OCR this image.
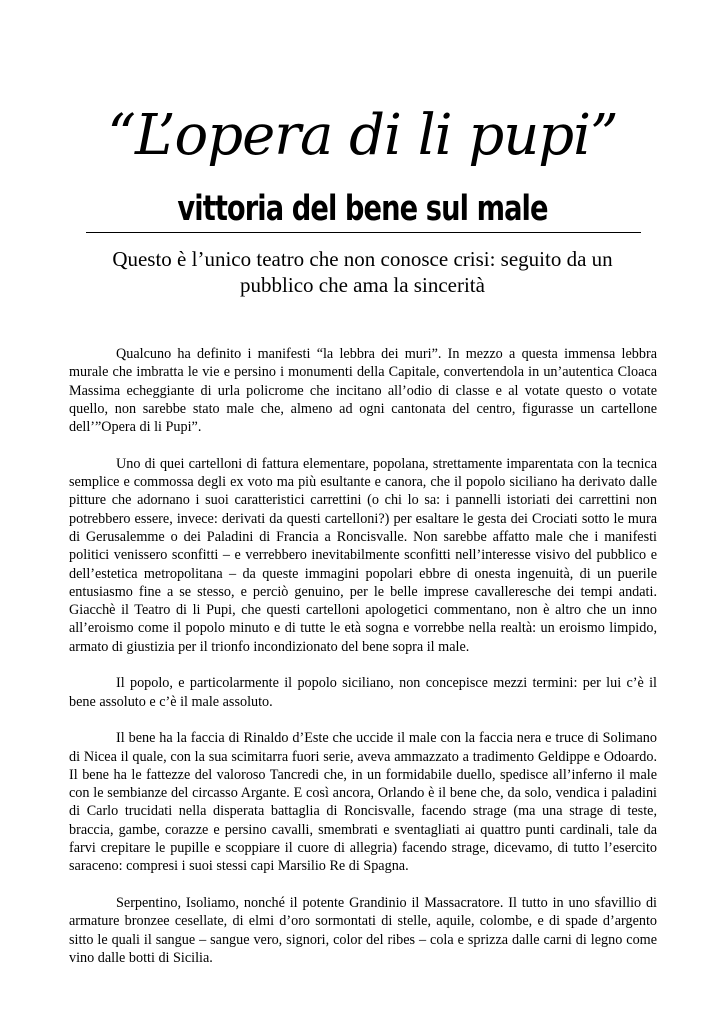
“L’opera di li pupi”
vittoria del bene sul male
Questo è l’unico teatro che non conosce crisi: seguito da un pubblico che ama la sincerità

Qualcuno ha definito i manifesti “la lebbra dei muri”. In mezzo a questa immensa lebbra murale che imbratta le vie e persino i monumenti della Capitale, convertendola in un’autentica Cloaca Massima echeggiante di urla policrome che incitano all’odio di classe e al votate questo o votate quello, non sarebbe stato male che, almeno ad ogni cantonata del centro, figurasse un cartellone dell’”Opera di li Pupi”.

Uno di quei cartelloni di fattura elementare, popolana, strettamente imparentata con la tecnica semplice e commossa degli ex voto ma più esultante e canora, che il popolo siciliano ha derivato dalle pitture che adornano i suoi caratteristici carrettini (o chi lo sa: i pannelli istoriati dei carrettini non potrebbero essere, invece: derivati da questi cartelloni?) per esaltare le gesta dei Crociati sotto le mura di Gerusalemme o dei Paladini di Francia a Roncisvalle. Non sarebbe affatto male che i manifesti politici venissero sconfitti – e verrebbero inevitabilmente sconfitti nell’interesse visivo del pubblico e dell’estetica metropolitana – da queste immagini popolari ebbre di onesta ingenuità, di un puerile entusiasmo fine a se stesso, e perciò genuino, per le belle imprese cavalleresche dei tempi andati. Giacchè il Teatro di li Pupi, che questi cartelloni apologetici commentano, non è altro che un inno all’eroismo come il popolo minuto e di tutte le età sogna e vorrebbe nella realtà: un eroismo limpido, armato di giustizia per il trionfo incondizionato del bene sopra il male.

Il popolo, e particolarmente il popolo siciliano, non concepisce mezzi termini: per lui c’è il bene assoluto e c’è il male assoluto.

Il bene ha la faccia di Rinaldo d’Este che uccide il male con la faccia nera e truce di Solimano di Nicea il quale, con la sua scimitarra fuori serie, aveva ammazzato a tradimento Geldippe e Odoardo. Il bene ha le fattezze del valoroso Tancredi che, in un formidabile duello, spedisce all’inferno il male con le sembianze del circasso Argante. E così ancora, Orlando è il bene che, da solo, vendica i paladini di Carlo trucidati nella disperata battaglia di Roncisvalle, facendo strage (ma una strage di teste, braccia, gambe, corazze e persino cavalli, smembrati e sventagliati ai quattro punti cardinali, tale da farvi crepitare le pupille e scoppiare il cuore di allegria) facendo strage, dicevamo, di tutto l’esercito saraceno: compresi i suoi stessi capi Marsilio Re di Spagna.

Serpentino, Isoliamo, nonché il potente Grandinio il Massacratore. Il tutto in uno sfavillio di armature bronzee cesellate, di elmi d’oro sormontati di stelle, aquile, colombe, e di spade d’argento sitto le quali il sangue – sangue vero, signori, color del ribes – cola e sprizza dalle carni di legno come vino dalle botti di Sicilia.
